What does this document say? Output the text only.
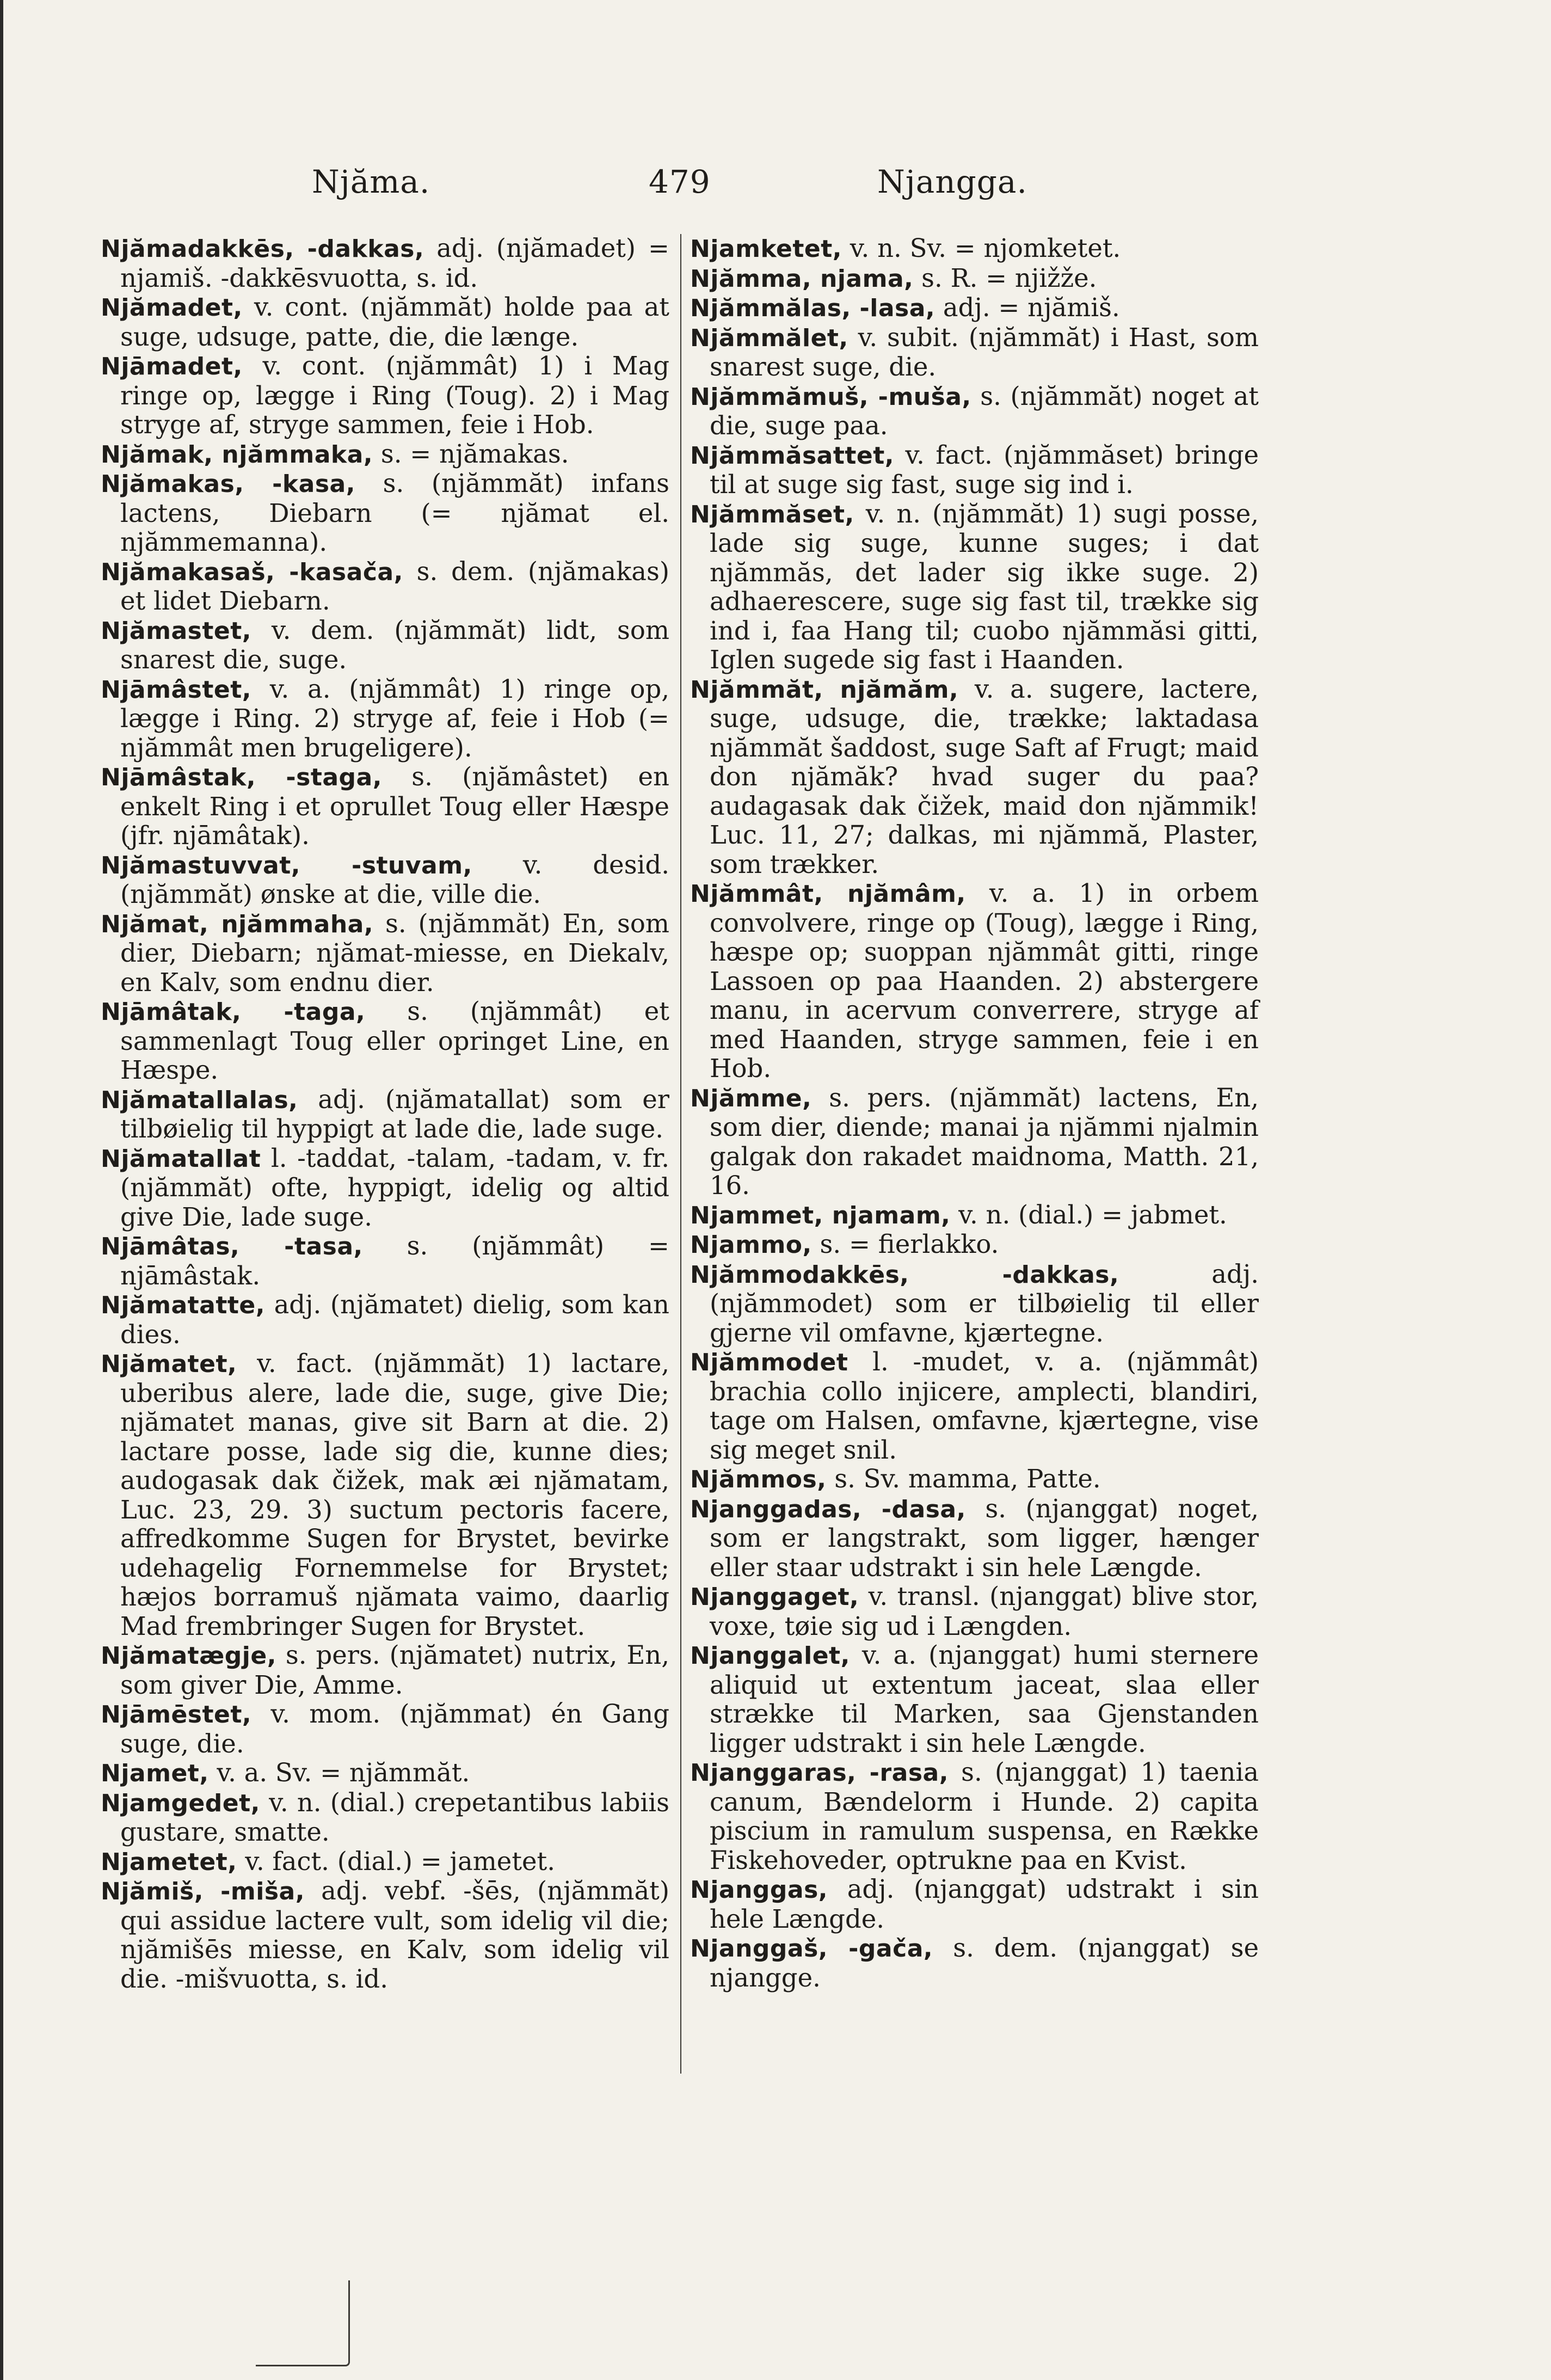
Njăma.	479	Njangga.

Njămadakkēs, -dakkas, adj. (njămadet) = njamiš. -dakkēsvuotta, s. id.

Njămadet, v. cont. (njămmăt) holde paa at suge, udsuge, patte, die, die længe.

Njāmadet, v. cont. (njămmât) 1) i Mag ringe op, lægge i Ring (Toug). 2) i Mag stryge af, stryge sammen, feie i Hob.

Njămak, njămmaka, s. = njămakas.

Njămakas, -kasa, s. (njămmăt) infans lactens, Diebarn (= njămat el. njămmemanna).

Njămakasaš, -kasača, s. dem. (njămakas) et lidet Diebarn.

Njămastet, v. dem. (njămmăt) lidt, som snarest die, suge.

Njāmâstet, v. a. (njămmât) 1) ringe op, lægge i Ring. 2) stryge af, feie i Hob (= njămmât men brugeligere).

Njāmâstak, -staga, s. (njămâstet) en enkelt Ring i et oprullet Toug eller Hæspe (jfr. njāmâtak).

Njămastuvvat, -stuvam, v. desid. (njămmăt) ønske at die, ville die.

Njămat, njămmaha, s. (njămmăt) En, som dier, Diebarn; njămat-miesse, en Diekalv, en Kalv, som endnu dier.

Njāmâtak, -taga, s. (njămmât) et sammenlagt Toug eller opringet Line, en Hæspe.

Njămatallalas, adj. (njămatallat) som er tilbøielig til hyppigt at lade die, lade suge.

Njămatallat l. -taddat, -talam, -tadam, v. fr. (njămmăt) ofte, hyppigt, idelig og altid give Die, lade suge.

Njāmâtas, -tasa, s. (njămmât) = njāmâstak.

Njămatatte, adj. (njămatet) dielig, som kan dies.

Njămatet, v. fact. (njămmăt) 1) lactare, uberibus alere, lade die, suge, give Die; njămatet manas, give sit Barn at die. 2) lactare posse, lade sig die, kunne dies; audogasak dak čižek, mak æi njămatam, Luc. 23, 29. 3) suctum pectoris facere, affredkomme Sugen for Brystet, bevirke udehagelig Fornemmelse for Brystet; hæjos borramuš njămata vaimo, daarlig Mad frembringer Sugen for Brystet.

Njămatægje, s. pers. (njămatet) nutrix, En, som giver Die, Amme.

Njāmēstet, v. mom. (njămmat) én Gang suge, die.

Njamet, v. a. Sv. = njămmăt.

Njamgedet, v. n. (dial.) crepetantibus labiis gustare, smatte.

Njametet, v. fact. (dial.) = jametet.

Njămiš, -miša, adj. vebf. -šēs, (njămmăt) qui assidue lactere vult, som idelig vil die; njămišēs miesse, en Kalv, som idelig vil die. -mišvuotta, s. id.

Njamketet, v. n. Sv. = njomketet.

Njămma, njama, s. R. = njižže.

Njămmălas, -lasa, adj. = njămiš.

Njămmălet, v. subit. (njămmăt) i Hast, som snarest suge, die.

Njămmămuš, -muša, s. (njămmăt) noget at die, suge paa.

Njămmăsattet, v. fact. (njămmăset) bringe til at suge sig fast, suge sig ind i.

Njămmăset, v. n. (njămmăt) 1) sugi posse, lade sig suge, kunne suges; i dat njămmăs, det lader sig ikke suge. 2) adhaerescere, suge sig fast til, trække sig ind i, faa Hang til; cuobo njămmăsi gitti, Iglen sugede sig fast i Haanden.

Njămmăt, njămăm, v. a. sugere, lactere, suge, udsuge, die, trække; laktadasa njămmăt šaddost, suge Saft af Frugt; maid don njămăk? hvad suger du paa? audagasak dak čižek, maid don njămmik! Luc. 11, 27; dalkas, mi njămmă, Plaster, som trækker.

Njămmât, njămâm, v. a. 1) in orbem convolvere, ringe op (Toug), lægge i Ring, hæspe op; suoppan njămmât gitti, ringe Lassoen op paa Haanden. 2) abstergere manu, in acervum converrere, stryge af med Haanden, stryge sammen, feie i en Hob.

Njămme, s. pers. (njămmăt) lactens, En, som dier, diende; manai ja njămmi njalmin galgak don rakadet maidnoma, Matth. 21, 16.

Njammet, njamam, v. n. (dial.) = jabmet.

Njammo, s. = fierlakko.

Njămmodakkēs, -dakkas, adj. (njămmodet) som er tilbøielig til eller gjerne vil omfavne, kjærtegne.

Njămmodet l. -mudet, v. a. (njămmât) brachia collo injicere, amplecti, blandiri, tage om Halsen, omfavne, kjærtegne, vise sig meget snil.

Njămmos, s. Sv. mamma, Patte.

Njanggadas, -dasa, s. (njanggat) noget, som er langstrakt, som ligger, hænger eller staar udstrakt i sin hele Længde.

Njanggaget, v. transl. (njanggat) blive stor, voxe, tøie sig ud i Længden.

Njanggalet, v. a. (njanggat) humi sternere aliquid ut extentum jaceat, slaa eller strække til Marken, saa Gjenstanden ligger udstrakt i sin hele Længde.

Njanggaras, -rasa, s. (njanggat) 1) taenia canum, Bændelorm i Hunde. 2) capita piscium in ramulum suspensa, en Række Fiskehoveder, optrukne paa en Kvist.

Njanggas, adj. (njanggat) udstrakt i sin hele Længde.

Njanggaš, -gača, s. dem. (njanggat) se njangge.
